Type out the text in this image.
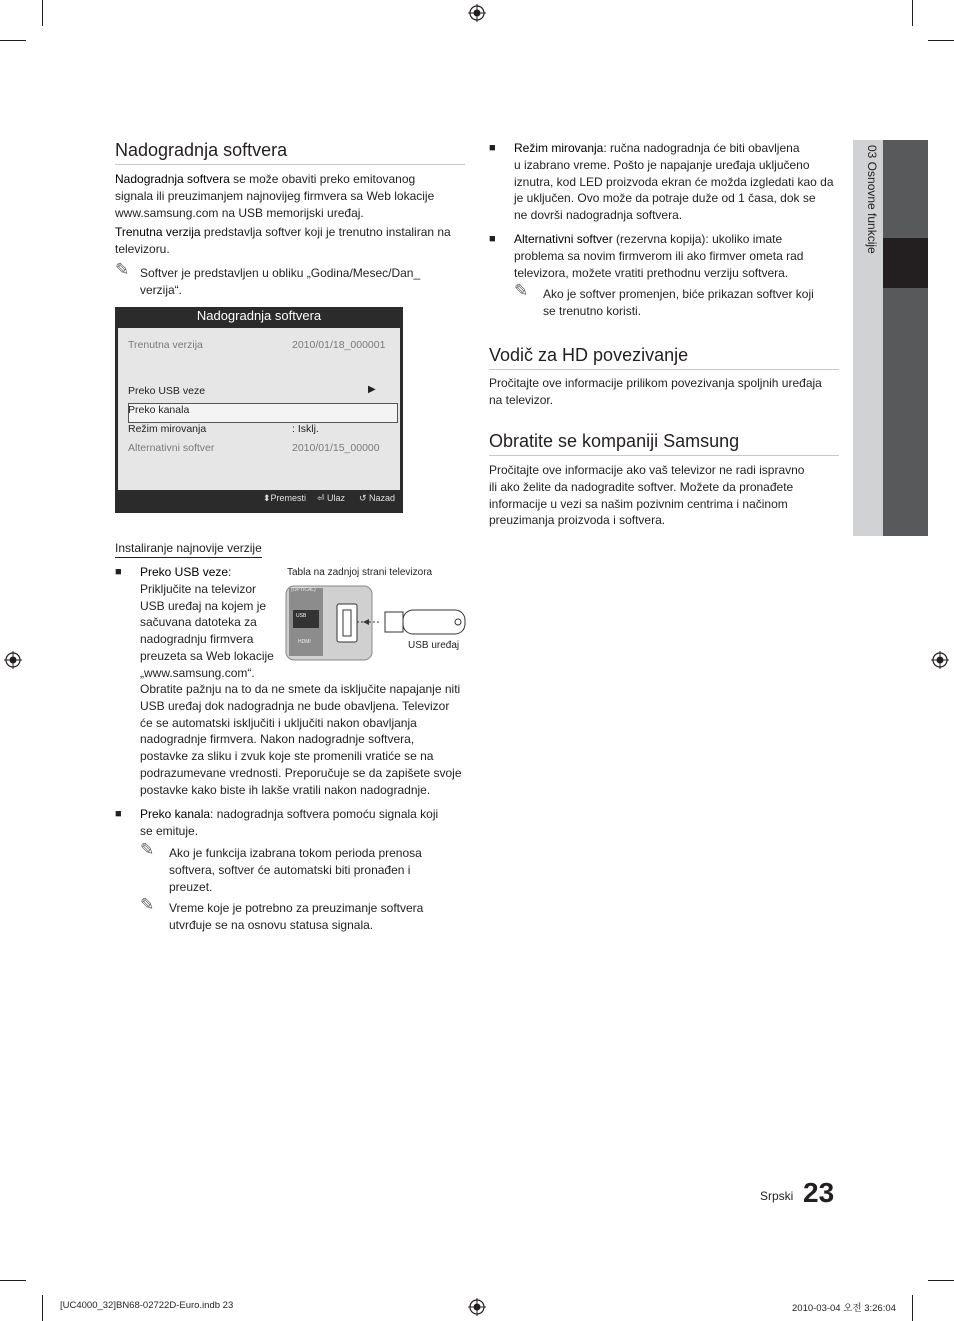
Nadogradnja softvera
Nadogradnja softvera se može obaviti preko emitovanog
signala ili preuzimanjem najnovijeg firmvera sa Web lokacije
www.samsung.com na USB memorijski uređaj.
Trenutna verzija predstavlja softver koji je trenutno instaliran na
televizoru.
✎ Softver je predstavljen u obliku „Godina/Mesec/Dan_
verzija“.
Nadogradnja softvera
Trenutna verzija	2010/01/18_000001
Preko USB veze	▶
Preko kanala
Režim mirovanja	: Isklj.
Alternativni softver	2010/01/15_00000
⬍Premesti ⏎ Ulaz ↺ Nazad
Instaliranje najnovije verzije
■ Preko USB veze:
Priključite na televizor
USB uređaj na kojem je
sačuvana datoteka za
nadogradnju firmvera
preuzeta sa Web lokacije
„www.samsung.com“.
Obratite pažnju na to da ne smete da isključite napajanje niti
USB uređaj dok nadogradnja ne bude obavljena. Televizor
će se automatski isključiti i uključiti nakon obavljanja
nadogradnje firmvera. Nakon nadogradnje softvera,
postavke za sliku i zvuk koje ste promenili vratiće se na
podrazumevane vrednosti. Preporučuje se da zapišete svoje
postavke kako biste ih lakše vratili nakon nadogradnje.
Tabla na zadnjoj strani televizora
(OPTICAL)
USB
HDMI	USB uređaj
■ Preko kanala: nadogradnja softvera pomoću signala koji
se emituje.
✎ Ako je funkcija izabrana tokom perioda prenosa
softvera, softver će automatski biti pronađen i
preuzet.
✎ Vreme koje je potrebno za preuzimanje softvera
utvrđuje se na osnovu statusa signala.
■ Režim mirovanja: ručna nadogradnja će biti obavljena
u izabrano vreme. Pošto je napajanje uređaja uključeno
iznutra, kod LED proizvoda ekran će možda izgledati kao da
je uključen. Ovo može da potraje duže od 1 časa, dok se
ne dovrši nadogradnja softvera.
■ Alternativni softver (rezervna kopija): ukoliko imate
problema sa novim firmverom ili ako firmver ometa rad
televizora, možete vratiti prethodnu verziju softvera.
✎ Ako je softver promenjen, biće prikazan softver koji
se trenutno koristi.
Vodič za HD povezivanje
Pročitajte ove informacije prilikom povezivanja spoljnih uređaja
na televizor.
Obratite se kompaniji Samsung
Pročitajte ove informacije ako vaš televizor ne radi ispravno
ili ako želite da nadogradite softver. Možete da pronađete
informacije u vezi sa našim pozivnim centrima i načinom
preuzimanja proizvoda i softvera.
03 Osnovne funkcije
Srpski 23
[UC4000_32]BN68-02722D-Euro.indb 23	2010-03-04 오전 3:26:04
